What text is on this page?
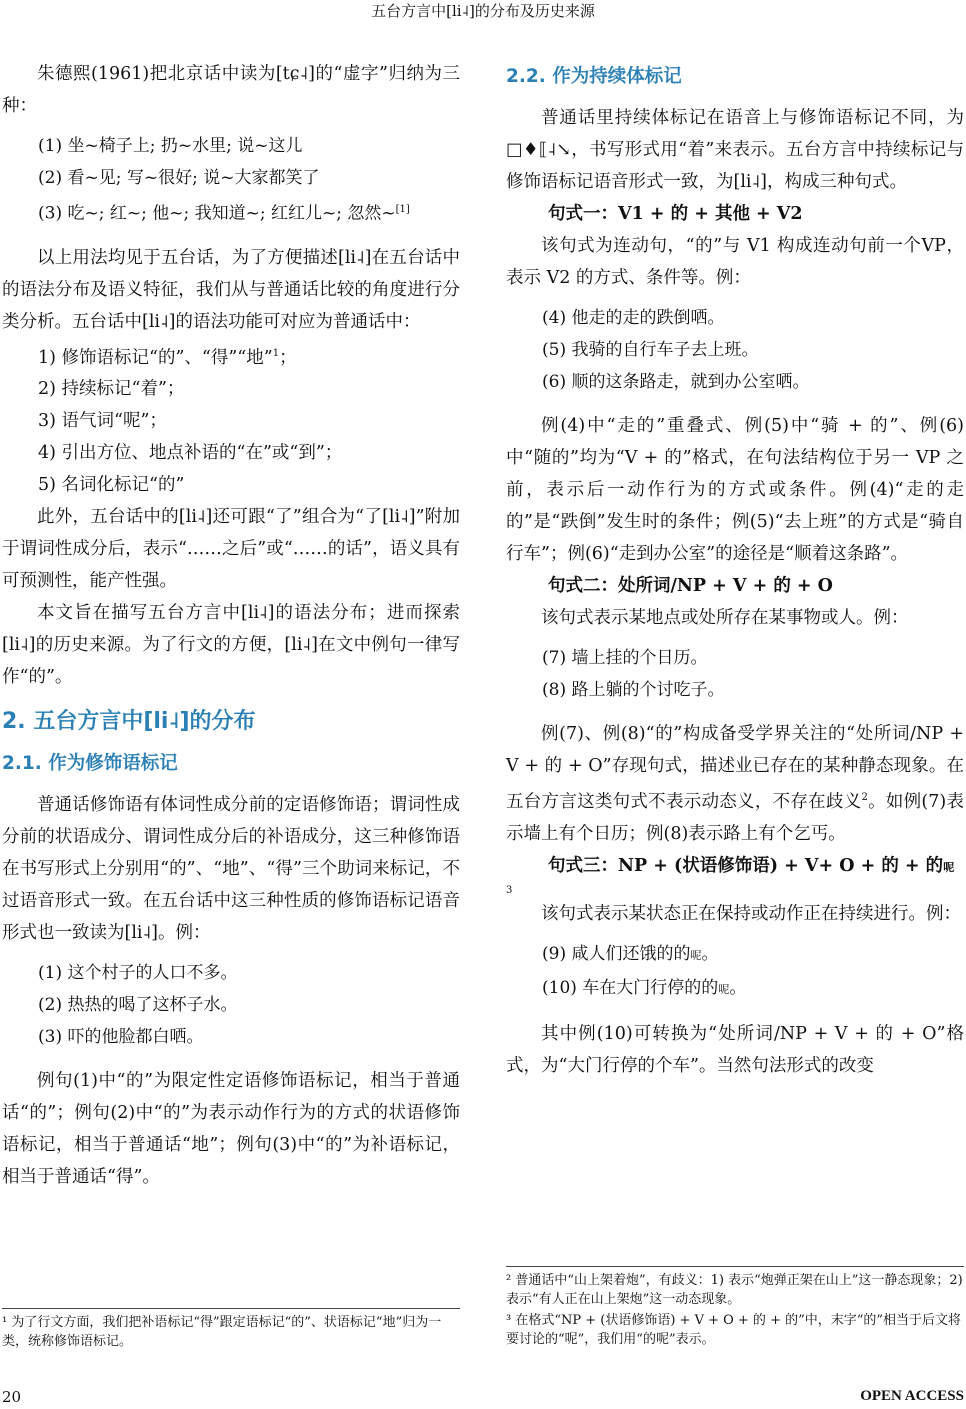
五台方言中[li˨]的分布及历史来源

朱德熙(1961)把北京话中读为[tɕ˨]的“虚字”归纳为三种：

(1) 坐~椅子上; 扔~水里; 说~这儿
(2) 看~见; 写~很好; 说~大家都笑了
(3) 吃~; 红~; 他~; 我知道~; 红红儿~; 忽然~[1]

以上用法均见于五台话，为了方便描述[li˨]在五台话中的语法分布及语义特征，我们从与普通话比较的角度进行分类分析。五台话中[li˨]的语法功能可对应为普通话中：

1) 修饰语标记“的”、“得”“地”$^1$；
2) 持续标记“着”；
3) 语气词“呢”；
4) 引出方位、地点补语的“在”或“到”；
5) 名词化标记“的”

此外，五台话中的[li˨]还可跟“了”组合为“了[li˨]”附加于谓词性成分后，表示“……之后”或“……的话”，语义具有可预测性，能产性强。

本文旨在描写五台方言中[li˨]的语法分布；进而探索[li˨]的历史来源。为了行文的方便，[li˨]在文中例句一律写作“的”。

2. 五台方言中[li˨]的分布
2.1. 作为修饰语标记

普通话修饰语有体词性成分前的定语修饰语；谓词性成分前的状语成分、谓词性成分后的补语成分，这三种修饰语在书写形式上分别用“的”、“地”、“得”三个助词来标记，不过语音形式一致。在五台话中这三种性质的修饰语标记语音形式也一致读为[li˨]。例：

(1) 这个村子的人口不多。
(2) 热热的喝了这杯子水。
(3) 吓的他脸都白哂。

例句(1)中“的”为限定性定语修饰语标记，相当于普通话“的”；例句(2)中“的”为表示动作行为的方式的状语修饰语标记，相当于普通话“地”；例句(3)中“的”为补语标记，相当于普通话“得”。

¹ 为了行文方面，我们把补语标记“得”跟定语标记“的”、状语标记“地”归为一类，统称修饰语标记。
2.2. 作为持续体标记

普通话里持续体标记在语音上与修饰语标记不同，为□♦⟦˨↘，书写形式用“着”来表示。五台方言中持续标记与修饰语标记语音形式一致，为[li˨]，构成三种句式。

句式一：V1 + 的 + 其他 + V2

该句式为连动句，“的”与 V1 构成连动句前一个VP，表示 V2 的方式、条件等。例：

(4) 他走的走的跌倒哂。
(5) 我骑的自行车子去上班。
(6) 顺的这条路走，就到办公室哂。

例(4)中“走的”重叠式、例(5)中“骑 + 的”、例(6)中“随的”均为“V + 的”格式，在句法结构位于另一 VP 之前，表示后一动作行为的方式或条件。例(4)“走的走的”是“跌倒”发生时的条件；例(5)“去上班”的方式是“骑自行车”；例(6)“走到办公室”的途径是“顺着这条路”。

句式二：处所词/NP + V + 的 + O

该句式表示某地点或处所存在某事物或人。例：

(7) 墙上挂的个日历。
(8) 路上躺的个讨吃子。

例(7)、例(8)“的”构成备受学界关注的“处所词/NP + V + 的 + O”存现句式，描述业已存在的某种静态现象。在五台方言这类句式不表示动态义，不存在歧义$^2$。如例(7)表示墙上有个日历；例(8)表示路上有个乞丐。

句式三：NP + (状语修饰语) + V+ O + 的 + 的呢
3

该句式表示某状态正在保持或动作正在持续进行。例：

(9) 咸人们还饿的的呢。
(10) 车在大门行停的的呢。

其中例(10)可转换为“处所词/NP + V + 的 + O”格式，为“大门行停的个车”。当然句法形式的改变

² 普通话中“山上架着炮”，有歧义：1) 表示“炮弹正架在山上”这一静态现象；2) 表示“有人正在山上架炮”这一动态现象。
³ 在格式“NP + (状语修饰语) + V + O + 的 + 的”中，末字“的”相当于后文将要讨论的“呢”，我们用“的呢”表示。
20	OPEN ACCESS
